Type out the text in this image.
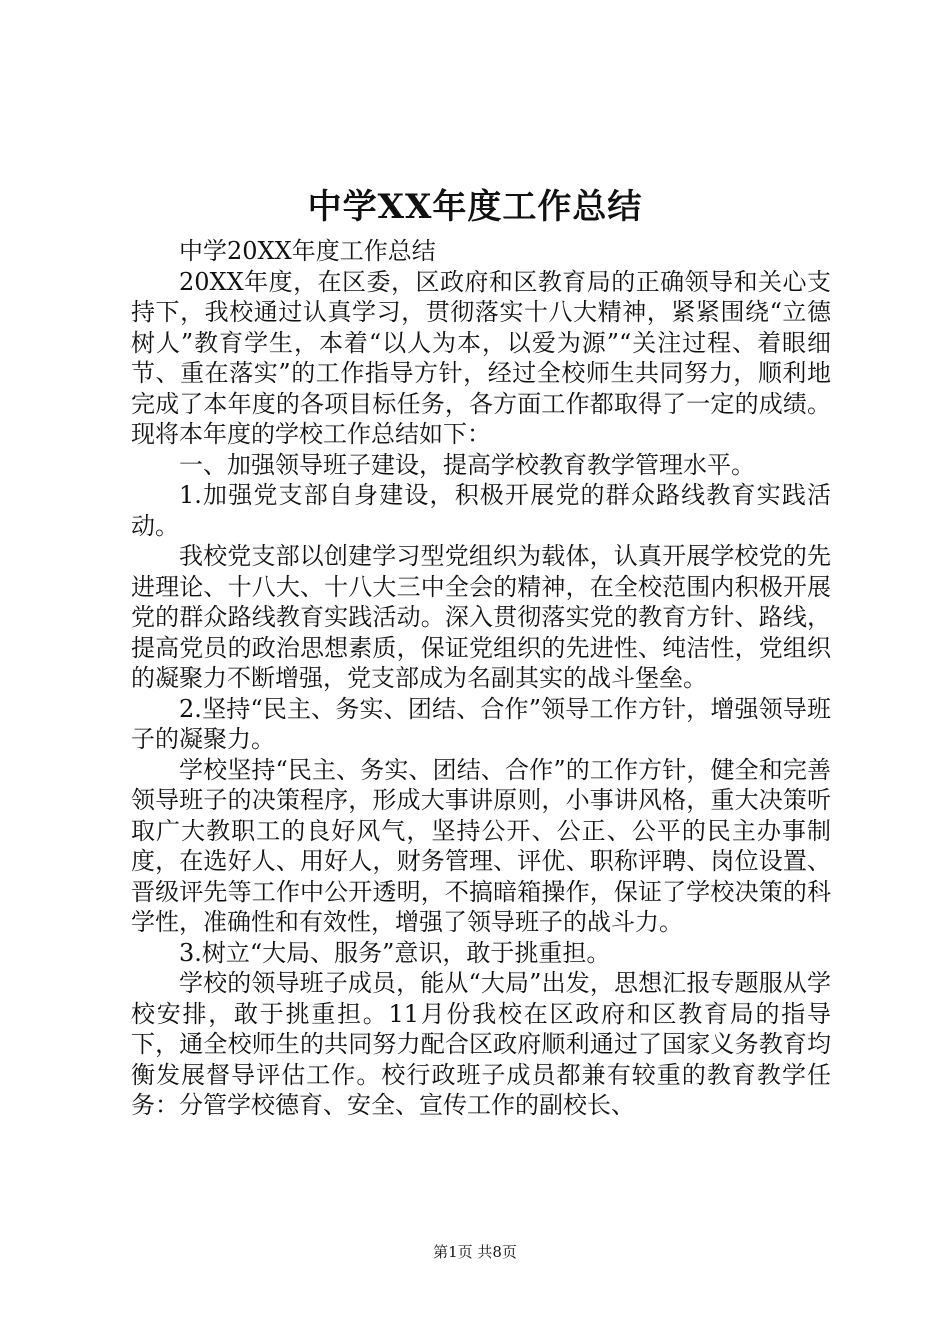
中学XX年度工作总结

中学20XX年度工作总结

20XX年度，在区委，区政府和区教育局的正确领导和关心支持下，我校通过认真学习，贯彻落实十八大精神，紧紧围绕“立德树人”教育学生，本着“以人为本，以爱为源”“关注过程、着眼细节、重在落实”的工作指导方针，经过全校师生共同努力，顺利地完成了本年度的各项目标任务，各方面工作都取得了一定的成绩。现将本年度的学校工作总结如下：

一、加强领导班子建设，提高学校教育教学管理水平。

1.加强党支部自身建设，积极开展党的群众路线教育实践活动。

我校党支部以创建学习型党组织为载体，认真开展学校党的先进理论、十八大、十八大三中全会的精神，在全校范围内积极开展党的群众路线教育实践活动。深入贯彻落实党的教育方针、路线，提高党员的政治思想素质，保证党组织的先进性、纯洁性，党组织的凝聚力不断增强，党支部成为名副其实的战斗堡垒。

2.坚持“民主、务实、团结、合作”领导工作方针，增强领导班子的凝聚力。

学校坚持“民主、务实、团结、合作”的工作方针，健全和完善领导班子的决策程序，形成大事讲原则，小事讲风格，重大决策听取广大教职工的良好风气，坚持公开、公正、公平的民主办事制度，在选好人、用好人，财务管理、评优、职称评聘、岗位设置、晋级评先等工作中公开透明，不搞暗箱操作，保证了学校决策的科学性，准确性和有效性，增强了领导班子的战斗力。

3.树立“大局、服务”意识，敢于挑重担。

学校的领导班子成员，能从“大局”出发，思想汇报专题服从学校安排，敢于挑重担。11月份我校在区政府和区教育局的指导下，通全校师生的共同努力配合区政府顺利通过了国家义务教育均衡发展督导评估工作。校行政班子成员都兼有较重的教育教学任务：分管学校德育、安全、宣传工作的副校长、

第1页 共8页
